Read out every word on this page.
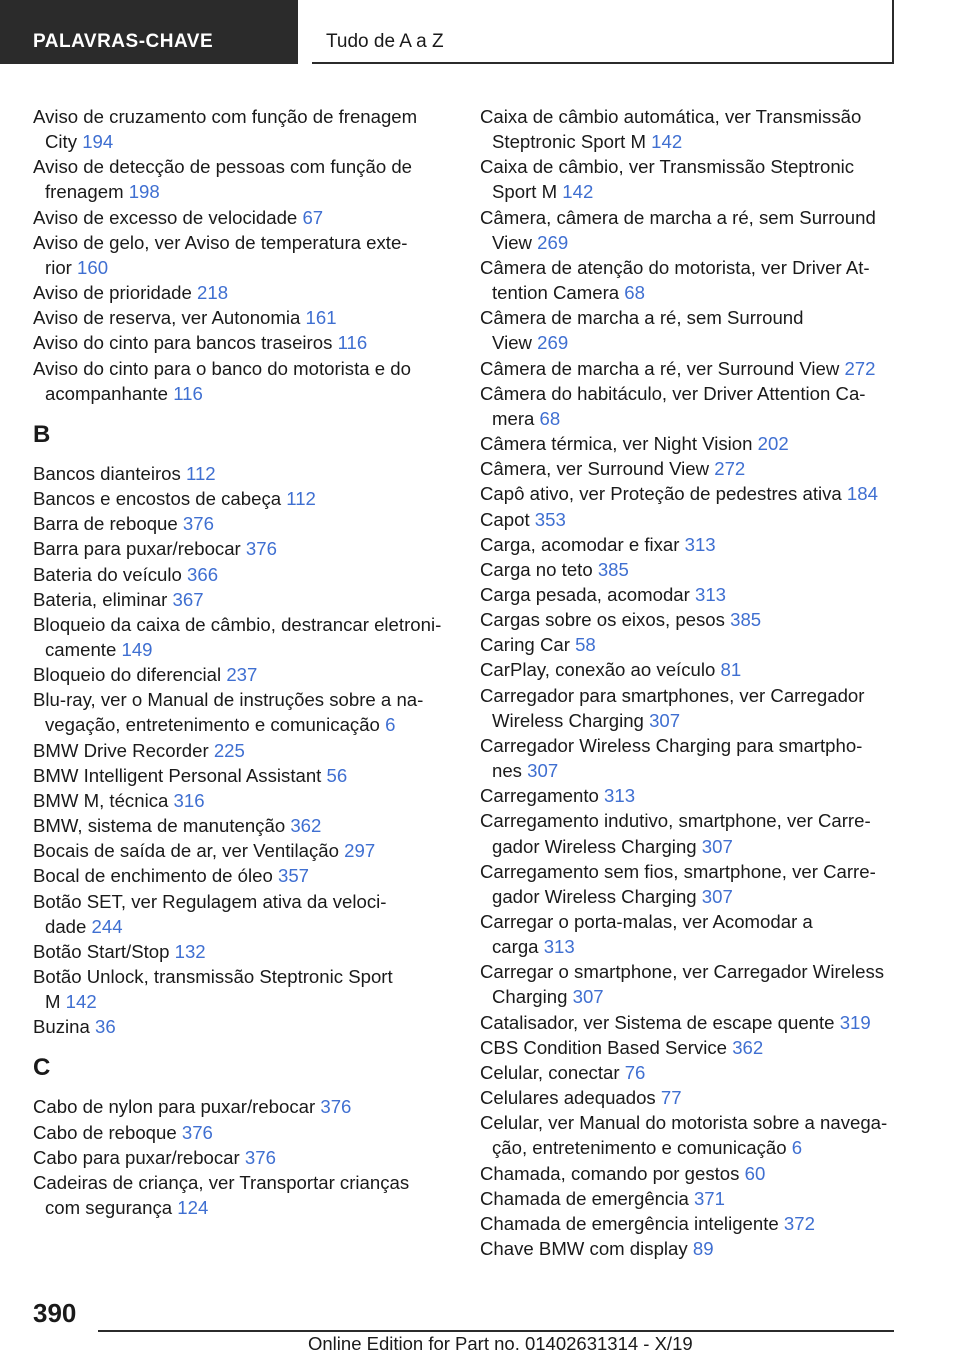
PALAVRAS-CHAVE	Tudo de A a Z
Aviso de cruzamento com função de frenagem
City 194
Aviso de detecção de pessoas com função de
frenagem 198
Aviso de excesso de velocidade 67
Aviso de gelo, ver Aviso de temperatura exte-
rior 160
Aviso de prioridade 218
Aviso de reserva, ver Autonomia 161
Aviso do cinto para bancos traseiros 116
Aviso do cinto para o banco do motorista e do
acompanhante 116
B
Bancos dianteiros 112
Bancos e encostos de cabeça 112
Barra de reboque 376
Barra para puxar/rebocar 376
Bateria do veículo 366
Bateria, eliminar 367
Bloqueio da caixa de câmbio, destrancar eletroni-
camente 149
Bloqueio do diferencial 237
Blu-ray, ver o Manual de instruções sobre a na-
vegação, entretenimento e comunicação 6
BMW Drive Recorder 225
BMW Intelligent Personal Assistant 56
BMW M, técnica 316
BMW, sistema de manutenção 362
Bocais de saída de ar, ver Ventilação 297
Bocal de enchimento de óleo 357
Botão SET, ver Regulagem ativa da veloci-
dade 244
Botão Start/Stop 132
Botão Unlock, transmissão Steptronic Sport
M 142
Buzina 36
C
Cabo de nylon para puxar/rebocar 376
Cabo de reboque 376
Cabo para puxar/rebocar 376
Cadeiras de criança, ver Transportar crianças
com segurança 124
Caixa de câmbio automática, ver Transmissão
Steptronic Sport M 142
Caixa de câmbio, ver Transmissão Steptronic
Sport M 142
Câmera, câmera de marcha a ré, sem Surround
View 269
Câmera de atenção do motorista, ver Driver At-
tention Camera 68
Câmera de marcha a ré, sem Surround
View 269
Câmera de marcha a ré, ver Surround View 272
Câmera do habitáculo, ver Driver Attention Ca-
mera 68
Câmera térmica, ver Night Vision 202
Câmera, ver Surround View 272
Capô ativo, ver Proteção de pedestres ativa 184
Capot 353
Carga, acomodar e fixar 313
Carga no teto 385
Carga pesada, acomodar 313
Cargas sobre os eixos, pesos 385
Caring Car 58
CarPlay, conexão ao veículo 81
Carregador para smartphones, ver Carregador
Wireless Charging 307
Carregador Wireless Charging para smartpho-
nes 307
Carregamento 313
Carregamento indutivo, smartphone, ver Carre-
gador Wireless Charging 307
Carregamento sem fios, smartphone, ver Carre-
gador Wireless Charging 307
Carregar o porta-malas, ver Acomodar a
carga 313
Carregar o smartphone, ver Carregador Wireless
Charging 307
Catalisador, ver Sistema de escape quente 319
CBS Condition Based Service 362
Celular, conectar 76
Celulares adequados 77
Celular, ver Manual do motorista sobre a navega-
ção, entretenimento e comunicação 6
Chamada, comando por gestos 60
Chamada de emergência 371
Chamada de emergência inteligente 372
Chave BMW com display 89
390
Online Edition for Part no. 01402631314 - X/19
